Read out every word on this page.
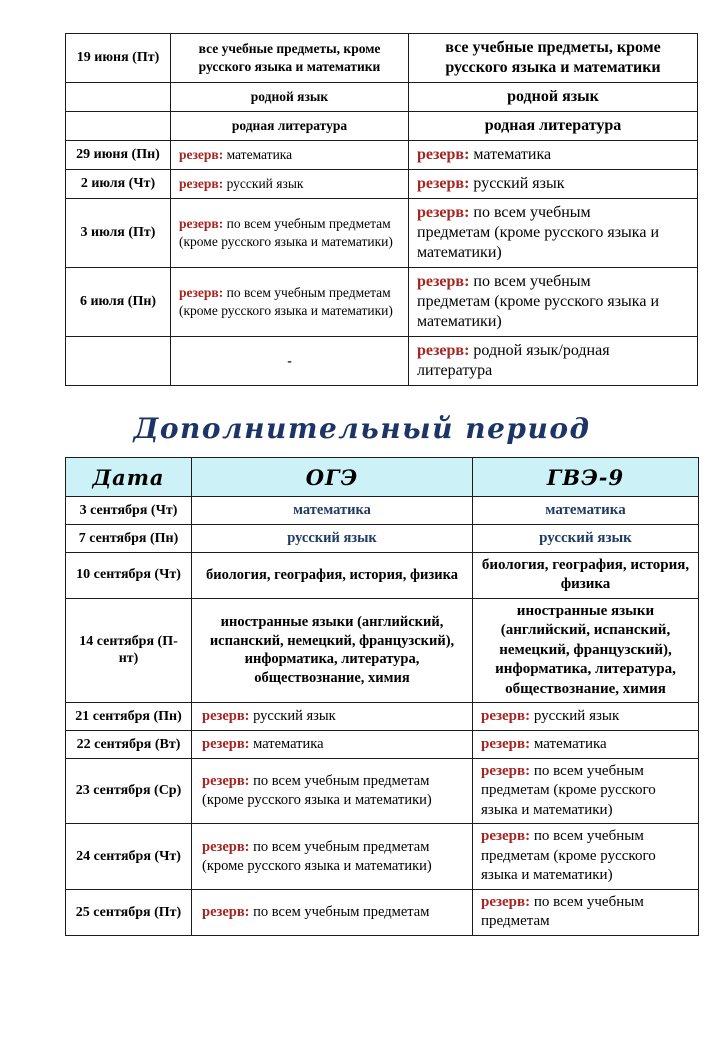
19 июня (Пт)	все учебные предметы, кроме русского языка и математики	все учебные предметы, кроме русского языка и математики
	родной язык	родной язык
	родная литература	родная литература
29 июня (Пн)	резерв: математика	резерв: математика
2 июля (Чт)	резерв: русский язык	резерв: русский язык
3 июля (Пт)	резерв: по всем учебным предметам (кроме русского языка и математики)	резерв: по всем учебным предметам (кроме русского языка и математики)
6 июля (Пн)	резерв: по всем учебным предметам (кроме русского языка и математики)	резерв: по всем учебным предметам (кроме русского языка и математики)
	-	резерв: родной язык/родная литература
Дополнительный период
Дата	ОГЭ	ГВЭ-9
3 сентября (Чт)	математика	математика
7 сентября (Пн)	русский язык	русский язык
10 сентября (Чт)	биология, география, история, физика	биология, география, история, физика
14 сентября (П-нт)	иностранные языки (английский, испанский, немецкий, французский), информатика, литература, обществознание, химия	иностранные языки (английский, испанский, немецкий, французский), информатика, литература, обществознание, химия
21 сентября (Пн)	резерв: русский язык	резерв: русский язык
22 сентября (Вт)	резерв: математика	резерв: математика
23 сентября (Ср)	резерв: по всем учебным предметам (кроме русского языка и математики)	резерв: по всем учебным предметам (кроме русского языка и математики)
24 сентября (Чт)	резерв: по всем учебным предметам (кроме русского языка и математики)	резерв: по всем учебным предметам (кроме русского языка и математики)
25 сентября (Пт)	резерв: по всем учебным предметам	резерв: по всем учебным предметам
